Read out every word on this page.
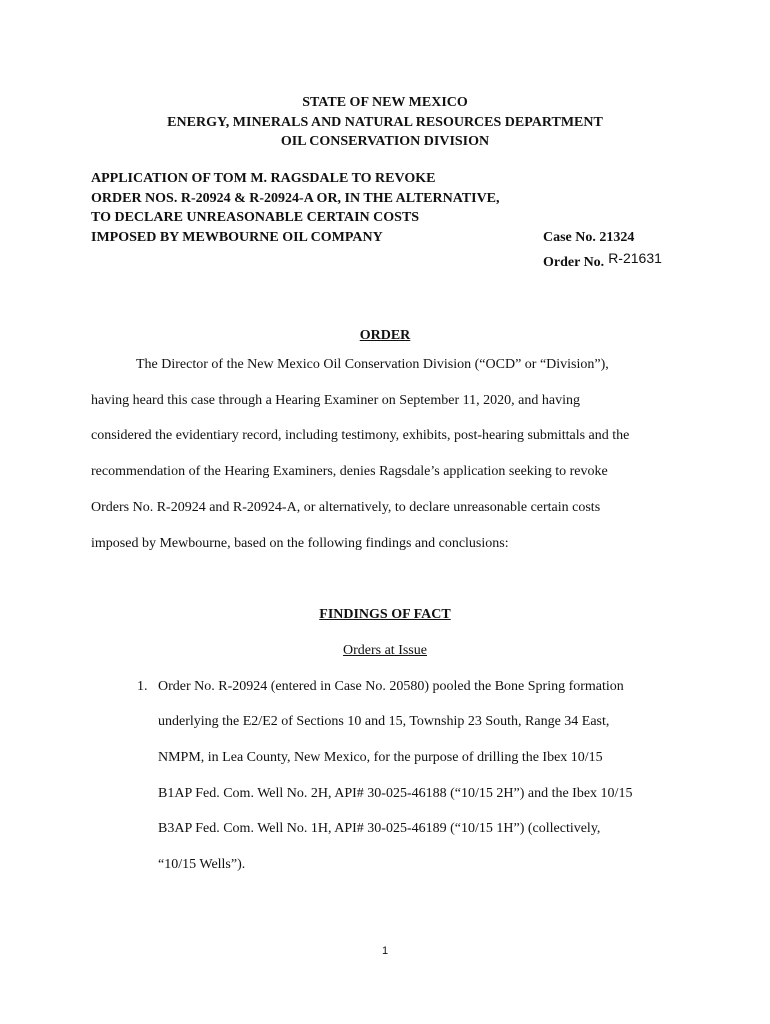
STATE OF NEW MEXICO
ENERGY, MINERALS AND NATURAL RESOURCES DEPARTMENT
OIL CONSERVATION DIVISION
APPLICATION OF TOM M. RAGSDALE TO REVOKE
ORDER NOS. R-20924 & R-20924-A OR, IN THE ALTERNATIVE,
TO DECLARE UNREASONABLE CERTAIN COSTS
IMPOSED BY MEWBOURNE OIL COMPANY	Case No. 21324
Order No. R-21631
ORDER
The Director of the New Mexico Oil Conservation Division (“OCD” or “Division”),
having heard this case through a Hearing Examiner on September 11, 2020, and having
considered the evidentiary record, including testimony, exhibits, post-hearing submittals and the
recommendation of the Hearing Examiners, denies Ragsdale’s application seeking to revoke
Orders No. R-20924 and R-20924-A, or alternatively, to declare unreasonable certain costs
imposed by Mewbourne, based on the following findings and conclusions:
FINDINGS OF FACT
Orders at Issue
1. Order No. R-20924 (entered in Case No. 20580) pooled the Bone Spring formation
underlying the E2/E2 of Sections 10 and 15, Township 23 South, Range 34 East,
NMPM, in Lea County, New Mexico, for the purpose of drilling the Ibex 10/15
B1AP Fed. Com. Well No. 2H, API# 30-025-46188 (“10/15 2H”) and the Ibex 10/15
B3AP Fed. Com. Well No. 1H, API# 30-025-46189 (“10/15 1H”) (collectively,
“10/15 Wells”).
1
